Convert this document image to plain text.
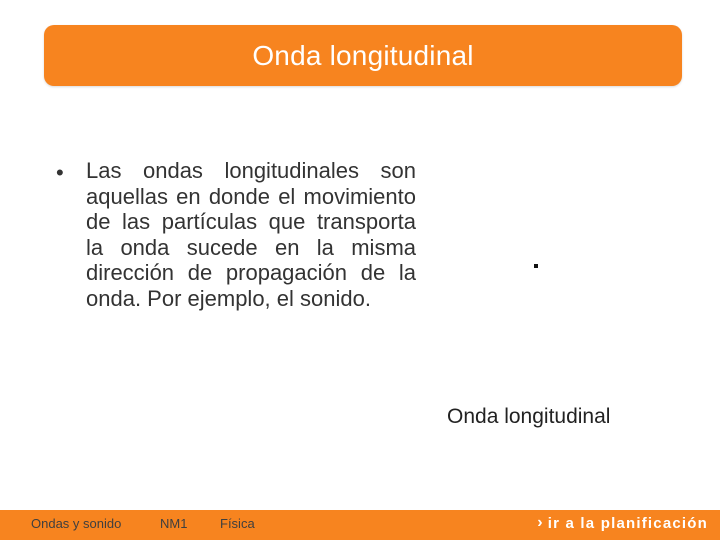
Onda longitudinal
•	Las ondas longitudinales son aquellas en donde el movimiento de las partículas que transporta la onda sucede en la misma dirección de propagación de la onda. Por ejemplo, el sonido.
Onda longitudinal
Ondas y sonido	NM1	Física	› ir a la planificación
